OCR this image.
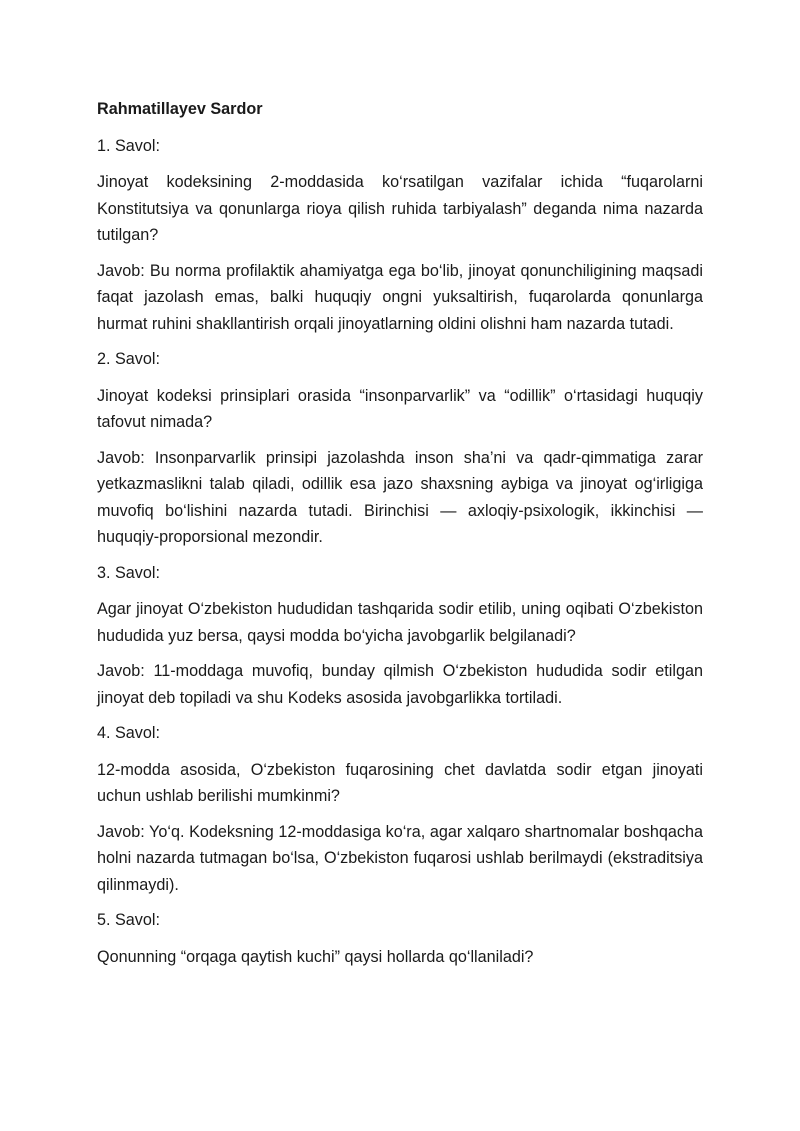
Rahmatillayev Sardor

1. Savol:

Jinoyat kodeksining 2-moddasida ko‘rsatilgan vazifalar ichida “fuqarolarni Konstitutsiya va qonunlarga rioya qilish ruhida tarbiyalash” deganda nima nazarda tutilgan?

Javob: Bu norma profilaktik ahamiyatga ega bo‘lib, jinoyat qonunchiligining maqsadi faqat jazolash emas, balki huquqiy ongni yuksaltirish, fuqarolarda qonunlarga hurmat ruhini shakllantirish orqali jinoyatlarning oldini olishni ham nazarda tutadi.

2. Savol:

Jinoyat kodeksi prinsiplari orasida “insonparvarlik” va “odillik” o‘rtasidagi huquqiy tafovut nimada?

Javob: Insonparvarlik prinsipi jazolashda inson sha’ni va qadr-qimmatiga zarar yetkazmaslikni talab qiladi, odillik esa jazo shaxsning aybiga va jinoyat og‘irligiga muvofiq bo‘lishini nazarda tutadi. Birinchisi — axloqiy-psixologik, ikkinchisi — huquqiy-proporsional mezondir.

3. Savol:

Agar jinoyat O‘zbekiston hududidan tashqarida sodir etilib, uning oqibati O‘zbekiston hududida yuz bersa, qaysi modda bo‘yicha javobgarlik belgilanadi?

Javob: 11-moddaga muvofiq, bunday qilmish O‘zbekiston hududida sodir etilgan jinoyat deb topiladi va shu Kodeks asosida javobgarlikka tortiladi.

4. Savol:

12-modda asosida, O‘zbekiston fuqarosining chet davlatda sodir etgan jinoyati uchun ushlab berilishi mumkinmi?

Javob: Yo‘q. Kodeksning 12-moddasiga ko‘ra, agar xalqaro shartnomalar boshqacha holni nazarda tutmagan bo‘lsa, O‘zbekiston fuqarosi ushlab berilmaydi (ekstraditsiya qilinmaydi).

5. Savol:

Qonunning “orqaga qaytish kuchi” qaysi hollarda qo‘llaniladi?
